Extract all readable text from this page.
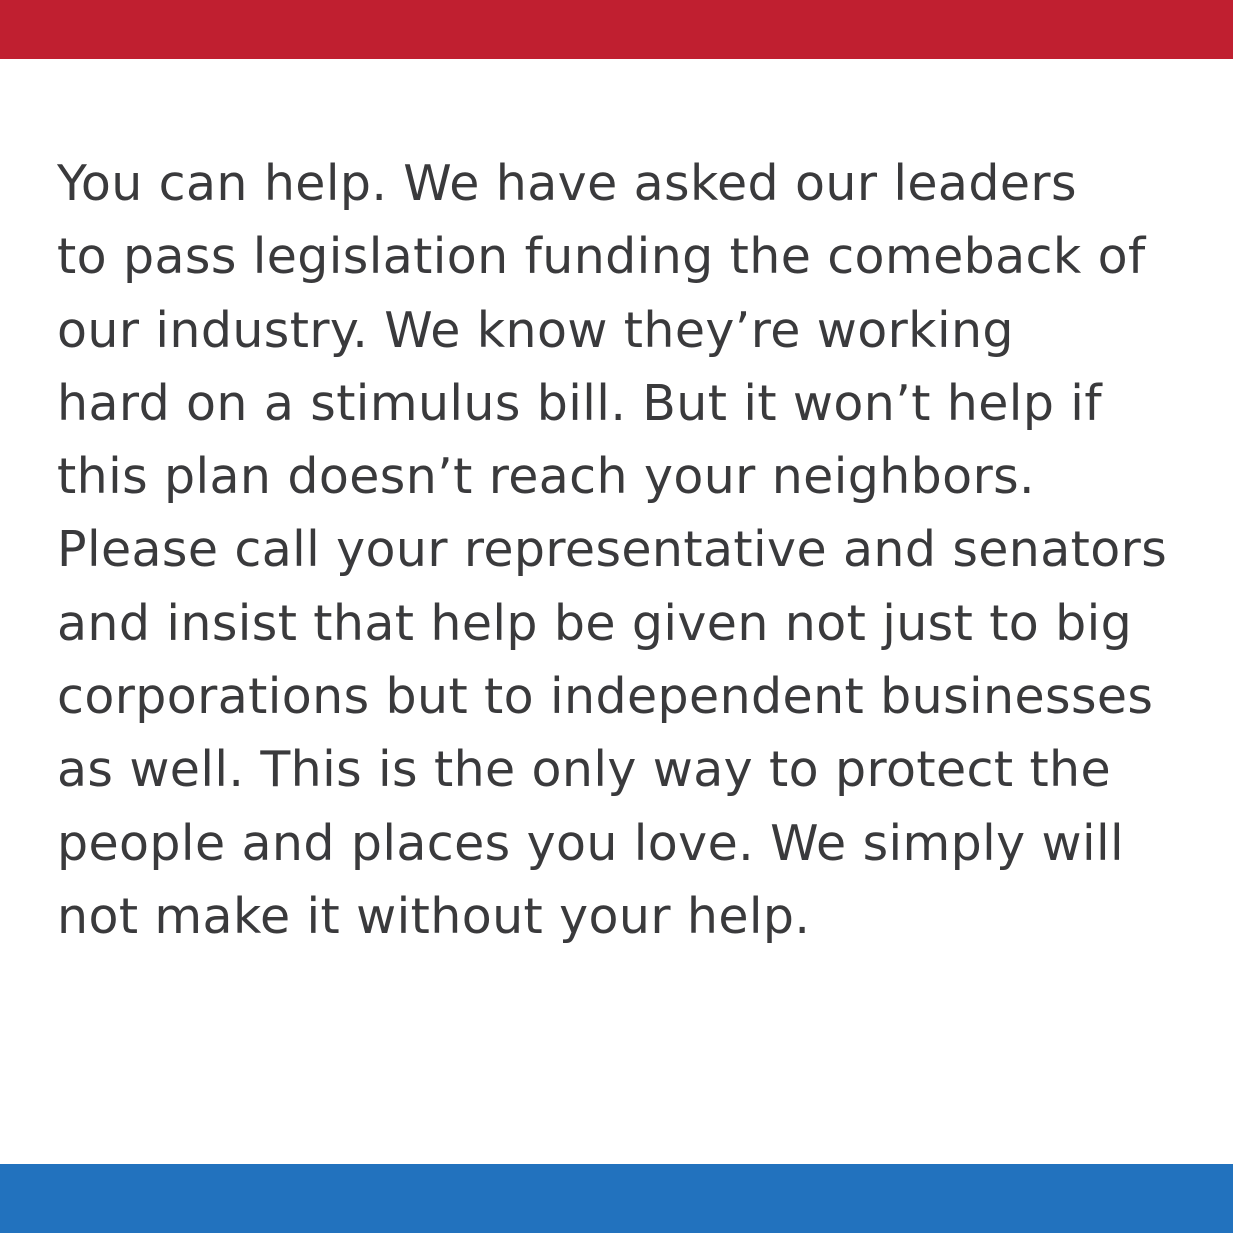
You can help. We have asked our leaders
to pass legislation funding the comeback of
our industry. We know they’re working
hard on a stimulus bill. But it won’t help if
this plan doesn’t reach your neighbors.
Please call your representative and senators
and insist that help be given not just to big
corporations but to independent businesses
as well. This is the only way to protect the
people and places you love. We simply will
not make it without your help.
